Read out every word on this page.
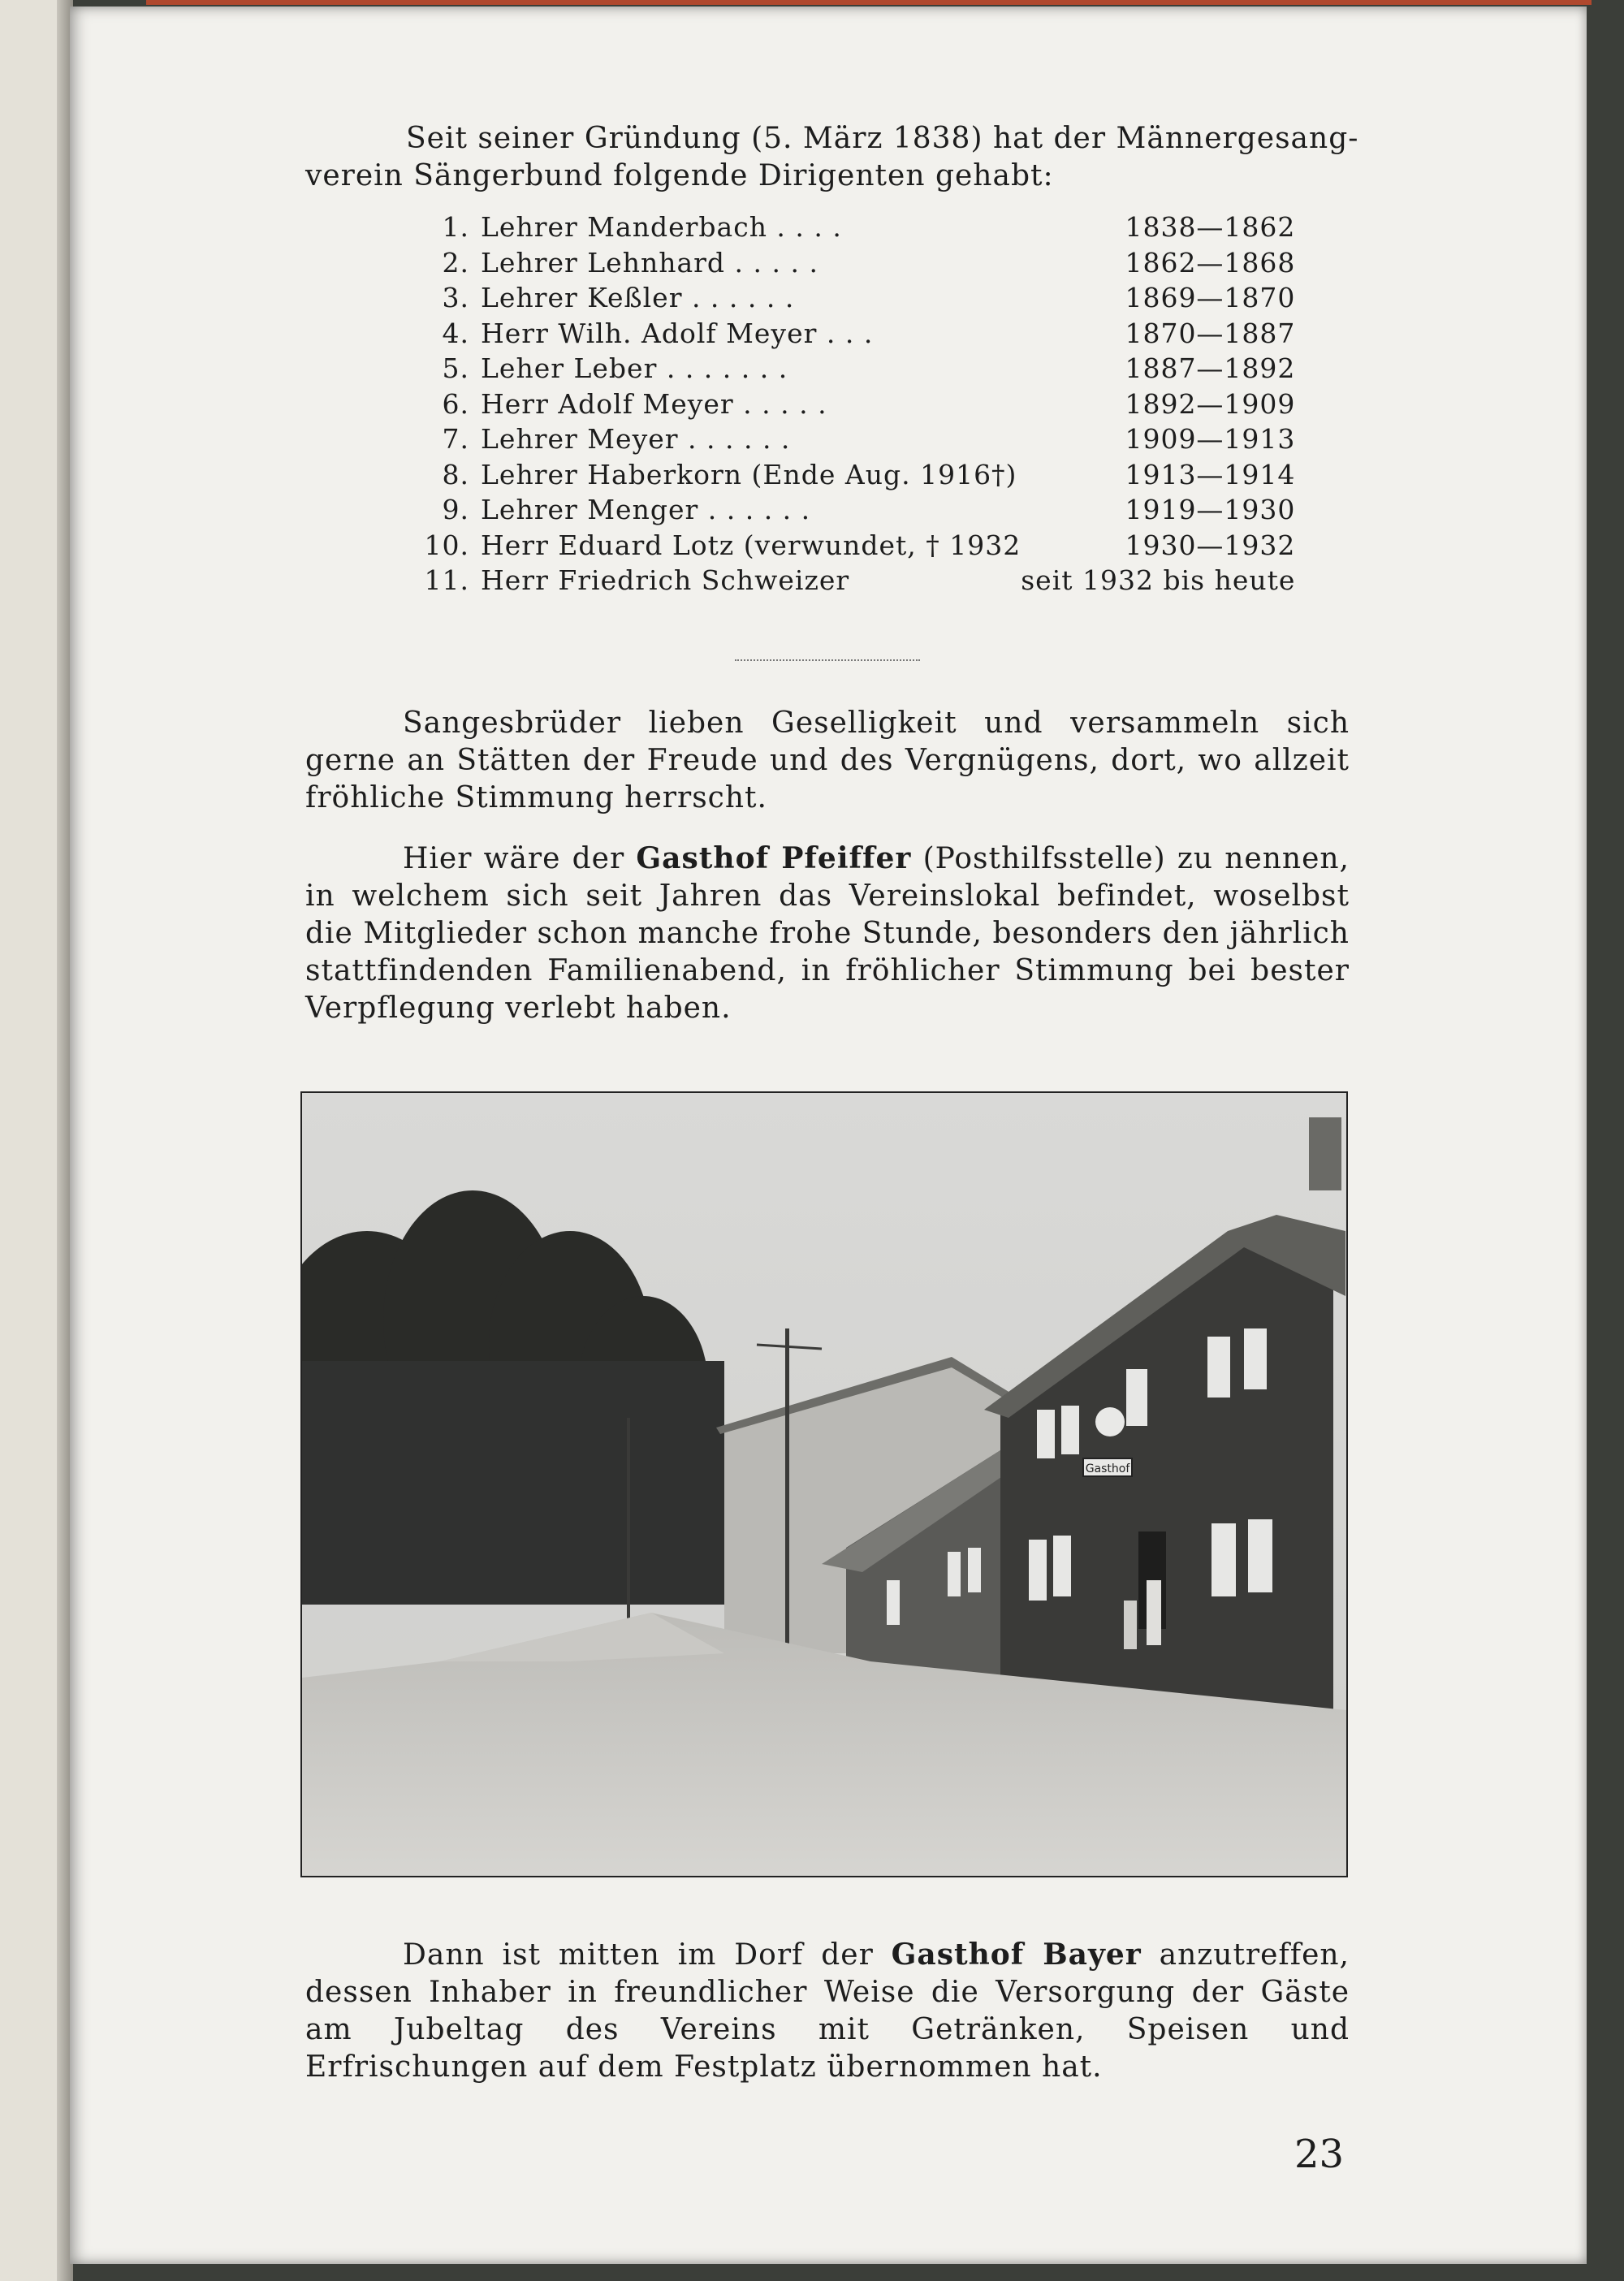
Seit seiner Gründung (5. März 1838) hat der Männergesang-
verein Sängerbund folgende Dirigenten gehabt:
1.	Lehrer Manderbach . . . .	1838—1862
2.	Lehrer Lehnhard . . . . .	1862—1868
3.	Lehrer Keßler . . . . . .	1869—1870
4.	Herr Wilh. Adolf Meyer . . .	1870—1887
5.	Leher Leber . . . . . . .	1887—1892
6.	Herr Adolf Meyer . . . . .	1892—1909
7.	Lehrer Meyer . . . . . .	1909—1913
8.	Lehrer Haberkorn (Ende Aug. 1916†)	1913—1914
9.	Lehrer Menger . . . . . .	1919—1930
10.	Herr Eduard Lotz (verwundet, † 1932	1930—1932
11.	Herr Friedrich Schweizer	seit 1932 bis heute
Sangesbrüder lieben Geselligkeit und versammeln sich gerne an Stätten der Freude und des Vergnügens, dort, wo allzeit fröhliche Stimmung herrscht.
Hier wäre der Gasthof Pfeiffer (Posthilfsstelle) zu nennen, in welchem sich seit Jahren das Vereinslokal befindet, woselbst die Mitglieder schon manche frohe Stunde, besonders den jährlich stattfindenden Familienabend, in fröhlicher Stimmung bei bester Verpflegung verlebt haben.
Gasthof
Dann ist mitten im Dorf der Gasthof Bayer anzutreffen, dessen Inhaber in freundlicher Weise die Versorgung der Gäste am Jubeltag des Vereins mit Getränken, Speisen und Erfrischungen auf dem Festplatz übernommen hat.
23
